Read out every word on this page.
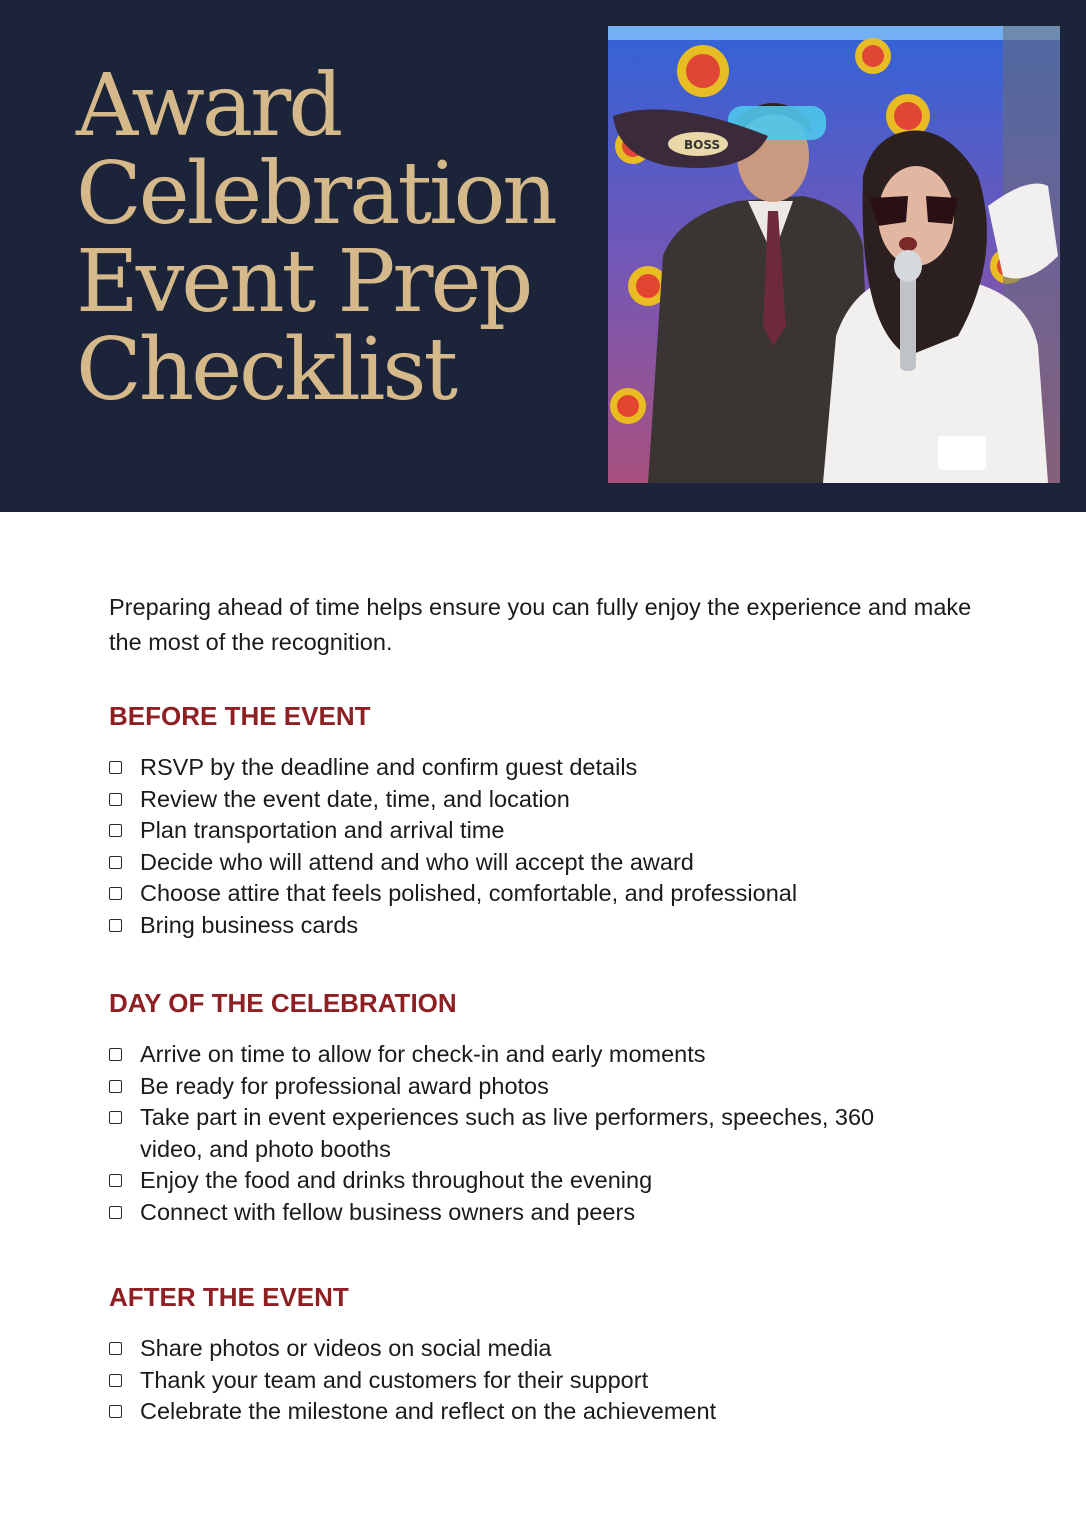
Award
Celebration
Event Prep
Checklist
BOSS

Preparing ahead of time helps ensure you can fully enjoy the experience and make the most of the recognition.

BEFORE THE EVENT
RSVP by the deadline and confirm guest details
Review the event date, time, and location
Plan transportation and arrival time
Decide who will attend and who will accept the award
Choose attire that feels polished, comfortable, and professional
Bring business cards
DAY OF THE CELEBRATION
Arrive on time to allow for check-in and early moments
Be ready for professional award photos
Take part in event experiences such as live performers, speeches, 360 video, and photo booths
Enjoy the food and drinks throughout the evening
Connect with fellow business owners and peers
AFTER THE EVENT
Share photos or videos on social media
Thank your team and customers for their support
Celebrate the milestone and reflect on the achievement
